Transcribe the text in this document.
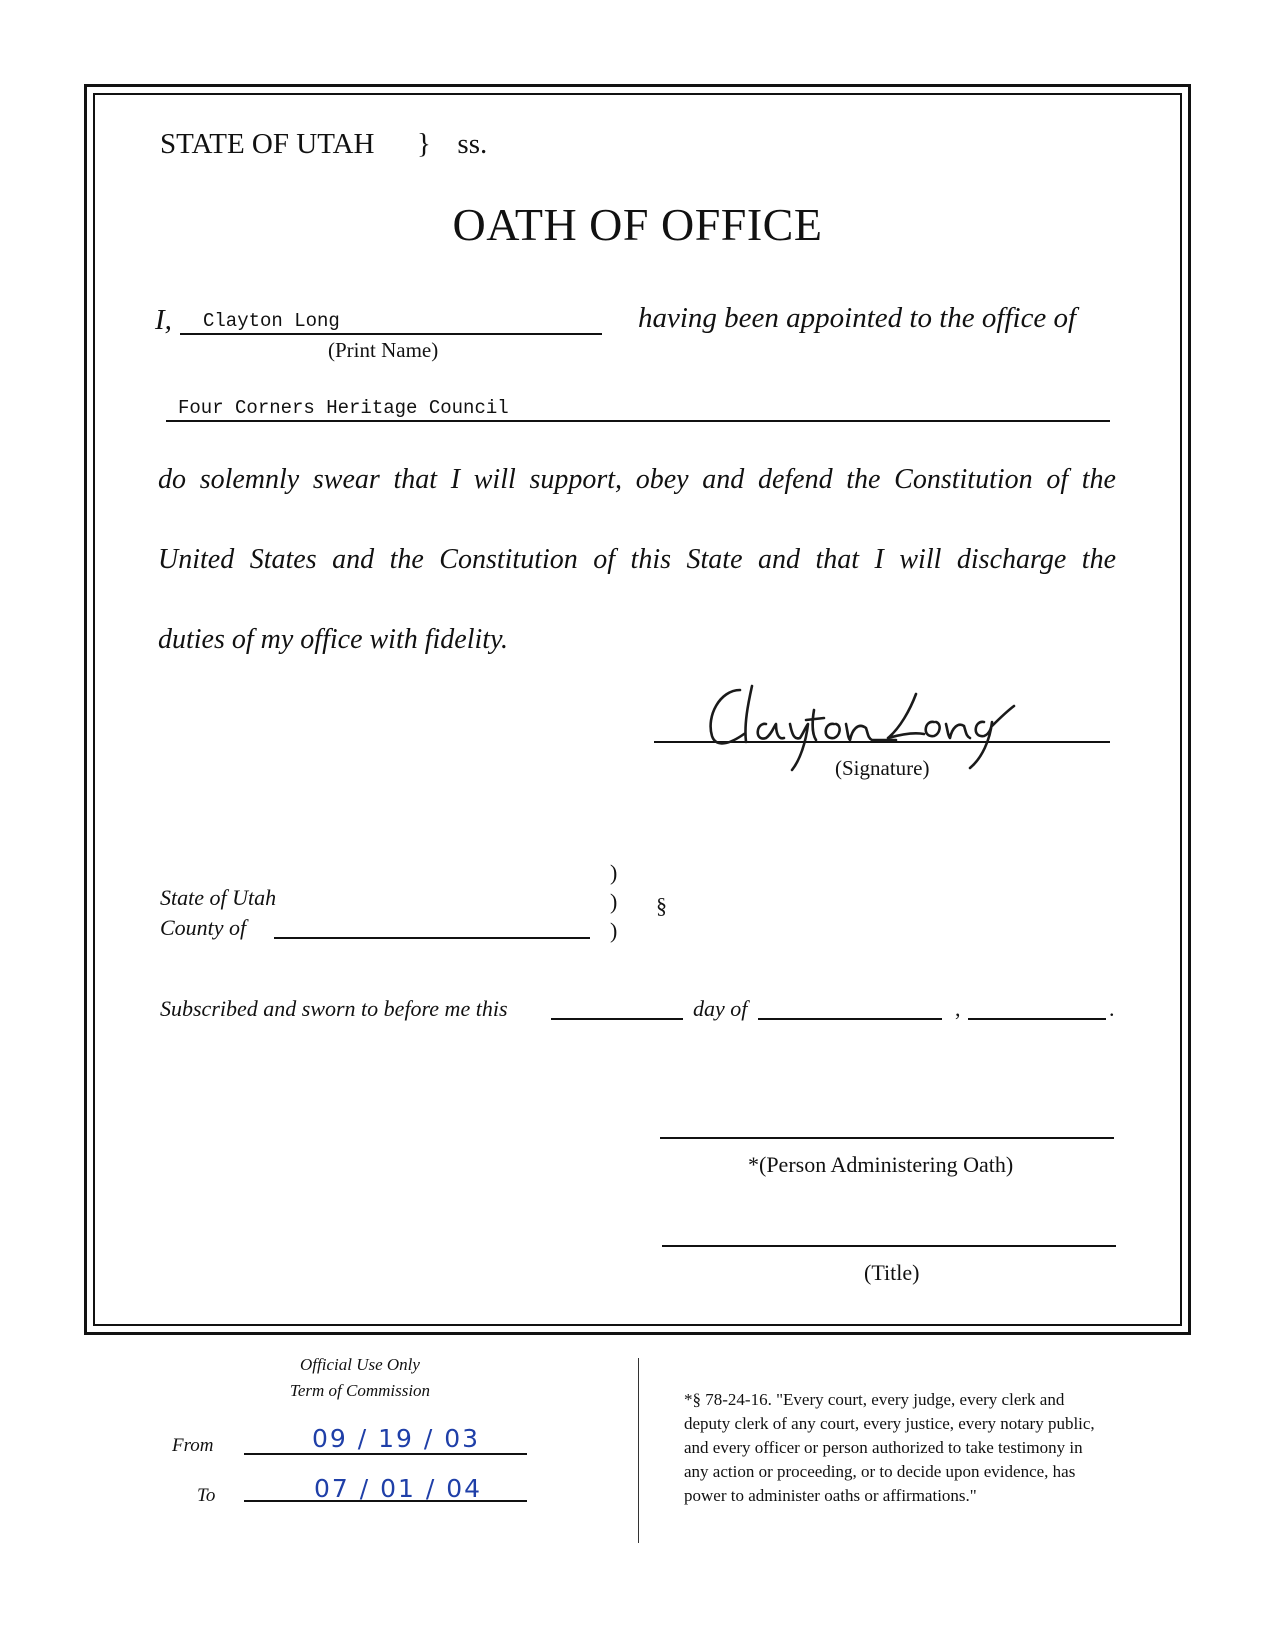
STATE OF UTAH } ss.
OATH OF OFFICE
I, Clayton Long
(Print Name)
having been appointed to the office of
Four Corners Heritage Council
do solemnly swear that I will support, obey and defend the Constitution of the
United States and the Constitution of this State and that I will discharge the
duties of my office with fidelity.
(Signature)
State of Utah
County of
)
)
)
§
Subscribed and sworn to before me this	day of	,	.
*(Person Administering Oath)
(Title)
Official Use Only
Term of Commission
From	09 / 19 / 03
To	07 / 01 / 04

*§ 78-24-16. "Every court, every judge, every clerk and

deputy clerk of any court, every justice, every notary public,

and every officer or person authorized to take testimony in

any action or proceeding, or to decide upon evidence, has

power to administer oaths or affirmations."
